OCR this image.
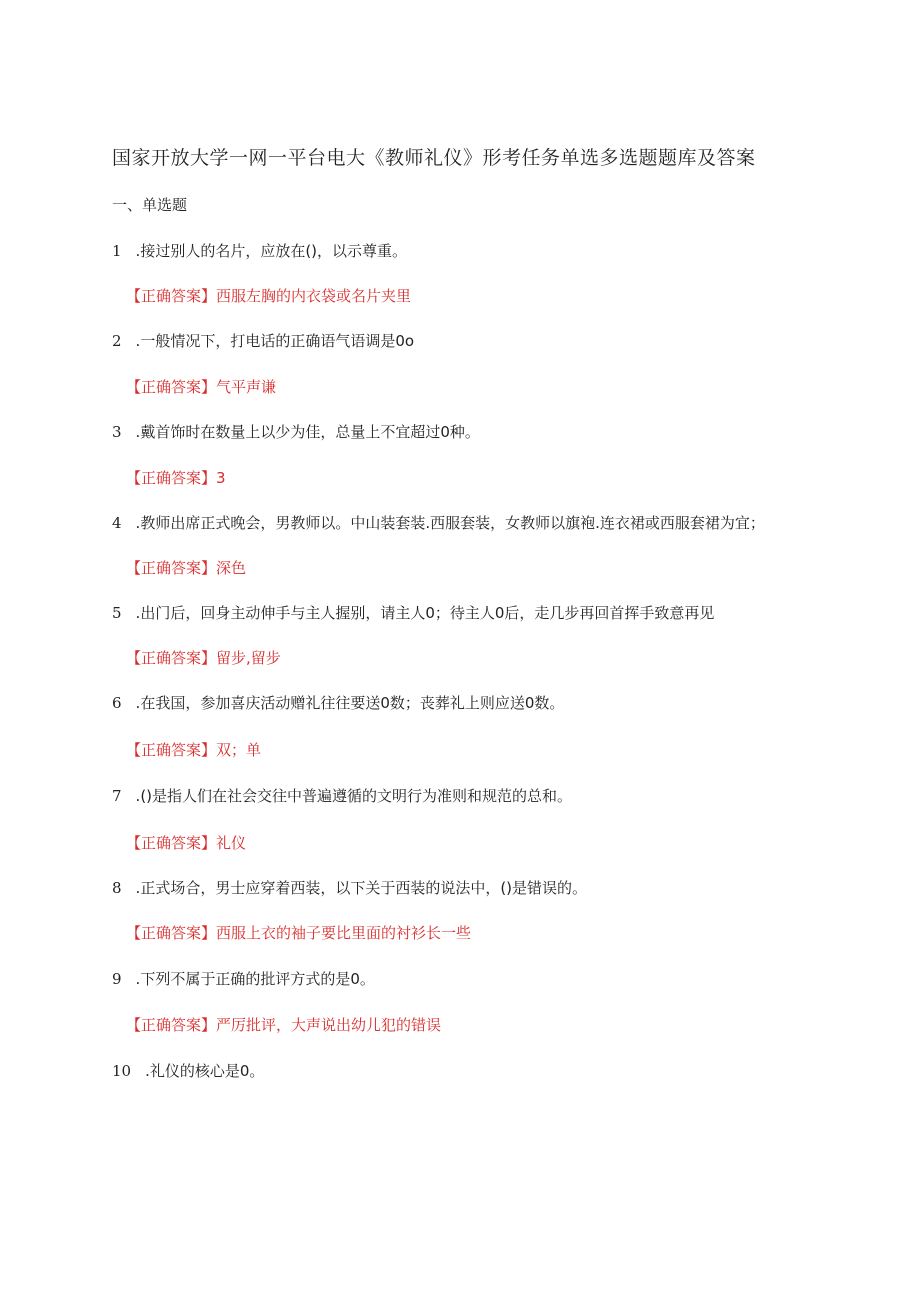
国家开放大学一网一平台电大《教师礼仪》形考任务单选多选题题库及答案
一、单选题
1 .接过别人的名片，应放在()，以示尊重。
【正确答案】西服左胸的内衣袋或名片夹里
2 .一般情况下，打电话的正确语气语调是0o
【正确答案】气平声谦
3 .戴首饰时在数量上以少为佳，总量上不宜超过0种。
【正确答案】3
4 .教师出席正式晚会，男教师以。中山装套装.西服套装，女教师以旗袍.连衣裙或西服套裙为宜；
【正确答案】深色
5 .出门后，回身主动伸手与主人握别，请主人0；待主人0后，走几步再回首挥手致意再见
【正确答案】留步,留步
6 .在我国，参加喜庆活动赠礼往往要送0数；丧葬礼上则应送0数。
【正确答案】双；单
7 .()是指人们在社会交往中普遍遵循的文明行为准则和规范的总和。
【正确答案】礼仪
8 .正式场合，男士应穿着西装，以下关于西装的说法中，()是错误的。
【正确答案】西服上衣的袖子要比里面的衬衫长一些
9 .下列不属于正确的批评方式的是0。
【正确答案】严厉批评，大声说出幼儿犯的错误
10 .礼仪的核心是0。
